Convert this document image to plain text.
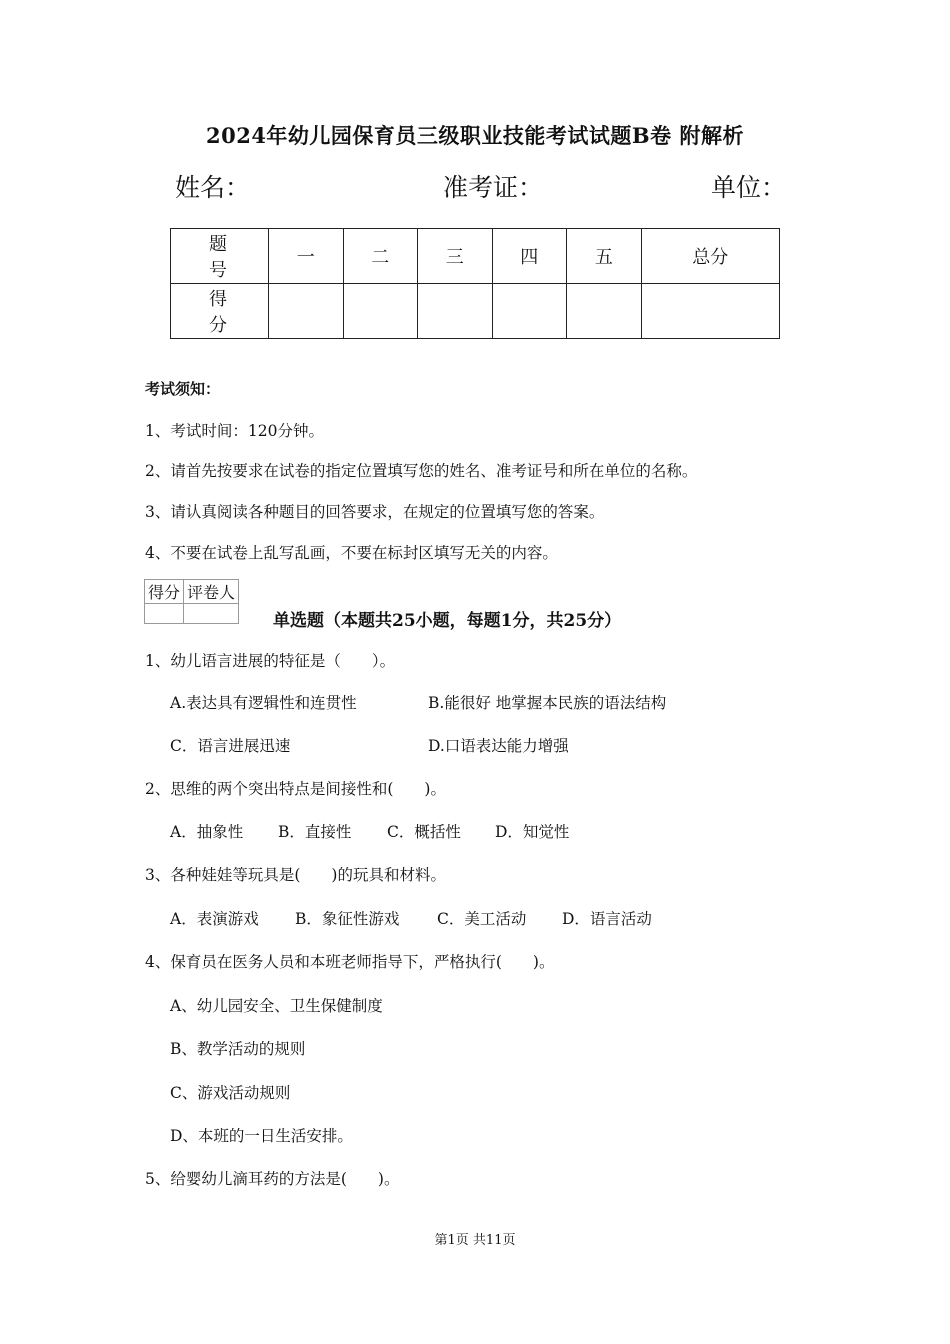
2024年幼儿园保育员三级职业技能考试试题B卷 附解析
姓名：	准考证：	单位：
题　号	一	二	三	四	五	总分
得　分						
考试须知：
1、考试时间：120分钟。
2、请首先按要求在试卷的指定位置填写您的姓名、准考证号和所在单位的名称。
3、请认真阅读各种题目的回答要求，在规定的位置填写您的答案。
4、不要在试卷上乱写乱画，不要在标封区填写无关的内容。
得分	评卷人

单选题（本题共25小题，每题1分，共25分）
1、幼儿语言进展的特征是（　　）。
A.表达具有逻辑性和连贯性	B.能很好 地掌握本民族的语法结构
C．语言进展迅速	D.口语表达能力增强
2、思维的两个突出特点是间接性和(　　)。
A．抽象性 B．直接性 C．概括性 D．知觉性
3、各种娃娃等玩具是(　　)的玩具和材料。
A．表演游戏 B．象征性游戏 C．美工活动 D．语言活动
4、保育员在医务人员和本班老师指导下，严格执行(　　)。
A、幼儿园安全、卫生保健制度
B、教学活动的规则
C、游戏活动规则
D、本班的一日生活安排。
5、给婴幼儿滴耳药的方法是(　　)。
第1页 共11页
